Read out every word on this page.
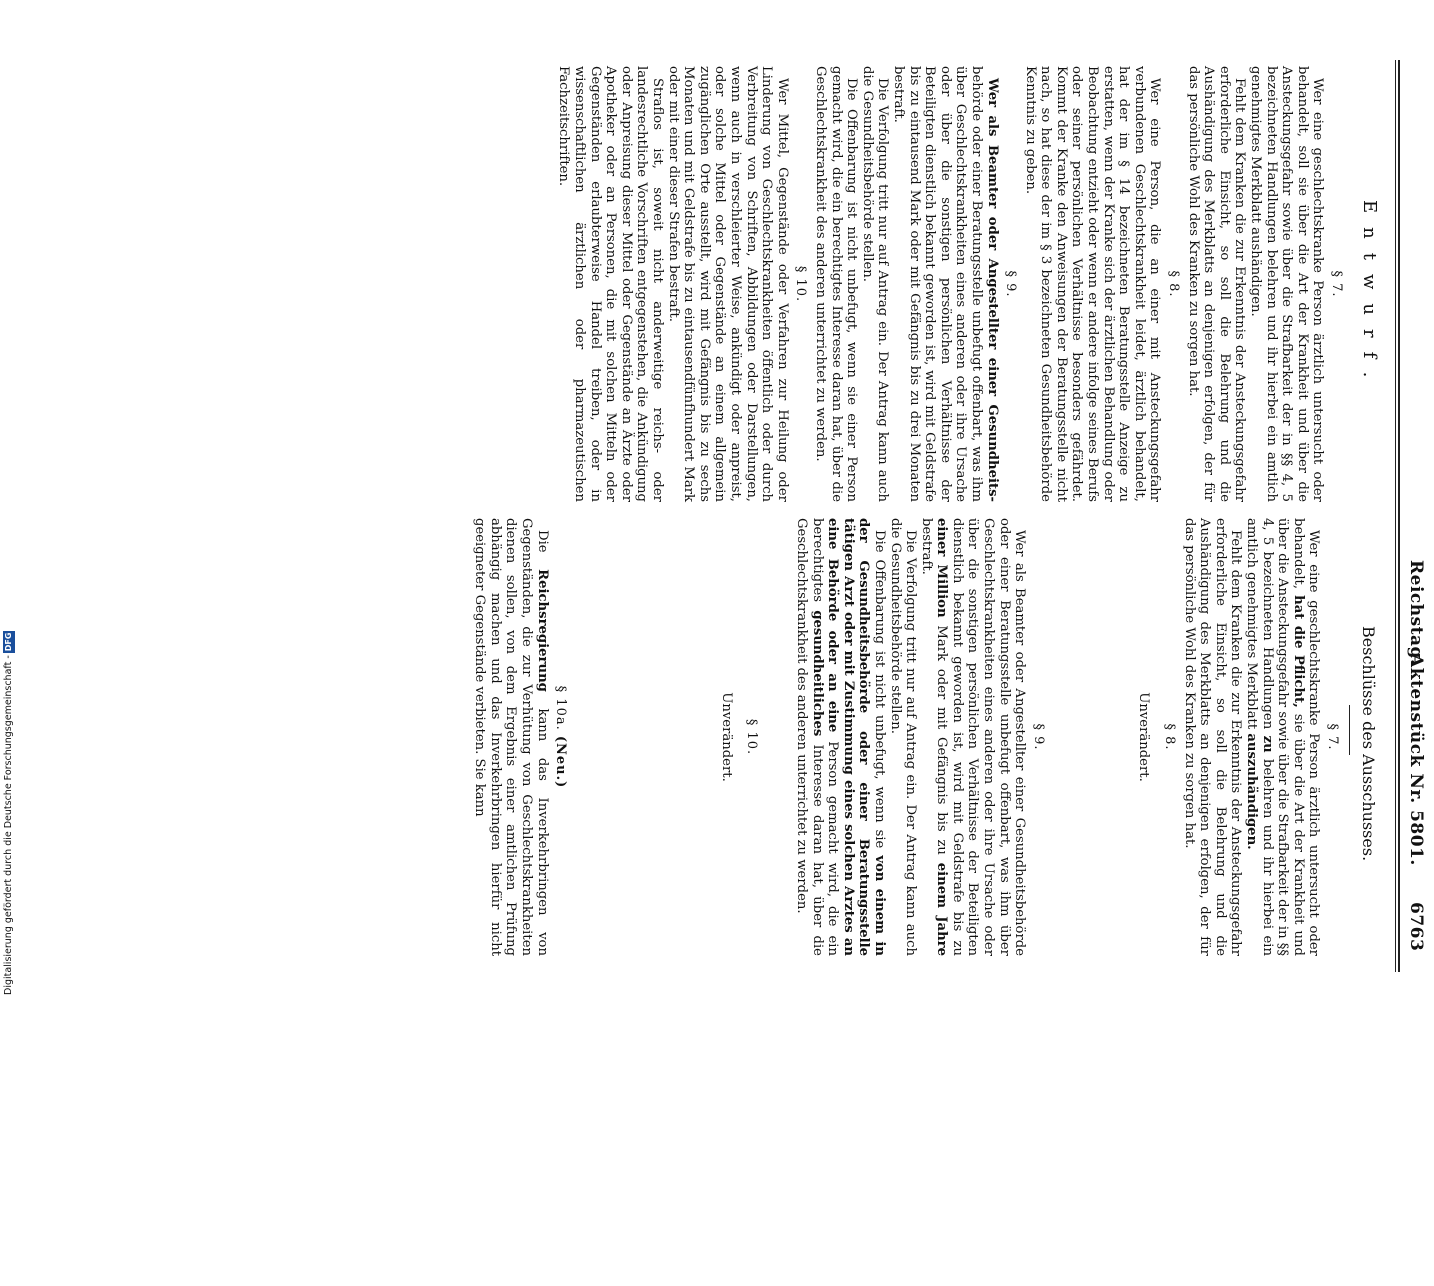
Reichstag.
Aktenstück Nr. 5801.
6763
Entwurf.
Beschlüsse des Ausschusses.
§ 7.

Wer eine geschlechtskranke Person ärztlich untersucht oder behandelt, soll sie über die Art der Krankheit und über die Ansteckungsgefahr sowie über die Strafbarkeit der in §§ 4, 5 bezeichneten Handlungen belehren und ihr hierbei ein amtlich genehmigtes Merkblatt aushändigen.

Fehlt dem Kranken die zur Erkenntnis der Ansteckungsgefahr erforderliche Einsicht, so soll die Belehrung und die Aushändigung des Merkblatts an denjenigen erfolgen, der für das persönliche Wohl des Kranken zu sorgen hat.

§ 8.

Wer eine Person, die an einer mit Ansteckungsgefahr verbundenen Geschlechtskrankheit leidet, ärztlich behandelt, hat der im § 14 bezeichneten Beratungsstelle Anzeige zu erstatten, wenn der Kranke sich der ärztlichen Behandlung oder Beobachtung entzieht oder wenn er andere infolge seines Berufs oder seiner persönlichen Verhältnisse besonders gefährdet. Kommt der Kranke den Anweisungen der Beratungsstelle nicht nach, so hat diese der im § 3 bezeichneten Gesundheitsbehörde Kenntnis zu geben.

§ 9.

Wer als Beamter oder Angestellter einer Gesundheits- behörde oder einer Beratungsstelle unbefugt offenbart, was ihm über Geschlechtskrankheiten eines anderen oder ihre Ursache oder über die sonstigen persönlichen Verhältnisse der Beteiligten dienstlich bekannt geworden ist, wird mit Geldstrafe bis zu eintausend Mark oder mit Gefängnis bis zu drei Monaten bestraft.

Die Verfolgung tritt nur auf Antrag ein. Der Antrag kann auch die Gesundheitsbehörde stellen.

Die Offenbarung ist nicht unbefugt, wenn sie einer Person gemacht wird, die ein berechtigtes Interesse daran hat, über die Geschlechtskrankheit des anderen unterrichtet zu werden.

§ 10.

Wer Mittel, Gegenstände oder Verfahren zur Heilung oder Linderung von Geschlechtskrankheiten öffentlich oder durch Verbreitung von Schriften, Abbildungen oder Darstellungen, wenn auch in verschleierter Weise, ankündigt oder anpreist, oder solche Mittel oder Gegenstände an einem allgemein zugänglichen Orte ausstellt, wird mit Gefängnis bis zu sechs Monaten und mit Geldstrafe bis zu eintausendfünfhundert Mark oder mit einer dieser Strafen bestraft.

Straflos ist, soweit nicht anderweitige reichs- oder landesrechtliche Vorschriften entgegenstehen, die Ankündigung oder Anpreisung dieser Mittel oder Gegenstände an Ärzte oder Apotheker oder an Personen, die mit solchen Mitteln oder Gegenständen erlaubterweise Handel treiben, oder in wissenschaftlichen ärztlichen oder pharmazeutischen Fachzeitschriften.

§ 7.

Wer eine geschlechtskranke Person ärztlich untersucht oder behandelt, hat die Pflicht, sie über die Art der Krankheit und über die Ansteckungsgefahr sowie über die Strafbarkeit der in §§ 4, 5 bezeichneten Handlungen zu belehren und ihr hierbei ein amtlich genehmigtes Merkblatt auszuhändigen.

Fehlt dem Kranken die zur Erkenntnis der Ansteckungsgefahr erforderliche Einsicht, so soll die Belehrung und die Aushändigung des Merkblatts an denjenigen erfolgen, der für das persönliche Wohl des Kranken zu sorgen hat.

§ 8.
Unverändert.
§ 9.

Wer als Beamter oder Angestellter einer Gesundheitsbehörde oder einer Beratungsstelle unbefugt offenbart, was ihm über Geschlechtskrankheiten eines anderen oder ihre Ursache oder über die sonstigen persönlichen Verhältnisse der Beteiligten dienstlich bekannt geworden ist, wird mit Geldstrafe bis zu einer Million Mark oder mit Gefängnis bis zu einem Jahre bestraft.

Die Verfolgung tritt nur auf Antrag ein. Der Antrag kann auch die Gesundheitsbehörde stellen.

Die Offenbarung ist nicht unbefugt, wenn sie von einem in der Gesundheitsbehörde oder einer Beratungsstelle tätigen Arzt oder mit Zustimmung eines solchen Arztes an eine Behörde oder an eine Person gemacht wird, die ein berechtigtes gesundheitliches Interesse daran hat, über die Geschlechtskrankheit des anderen unterrichtet zu werden.

§ 10.
Unverändert.
§ 10a. (Neu.)

Die Reichsregierung kann das Inverkehrbringen von Gegenständen, die zur Verhütung von Geschlechtskrankheiten dienen sollen, von dem Ergebnis einer amtlichen Prüfung abhängig machen und das Inverkehrbringen hierfür nicht geeigneter Gegenstände verbieten. Sie kann

Digitalisierung gefördert durch die Deutsche Forschungsgemeinschaft -DFG
